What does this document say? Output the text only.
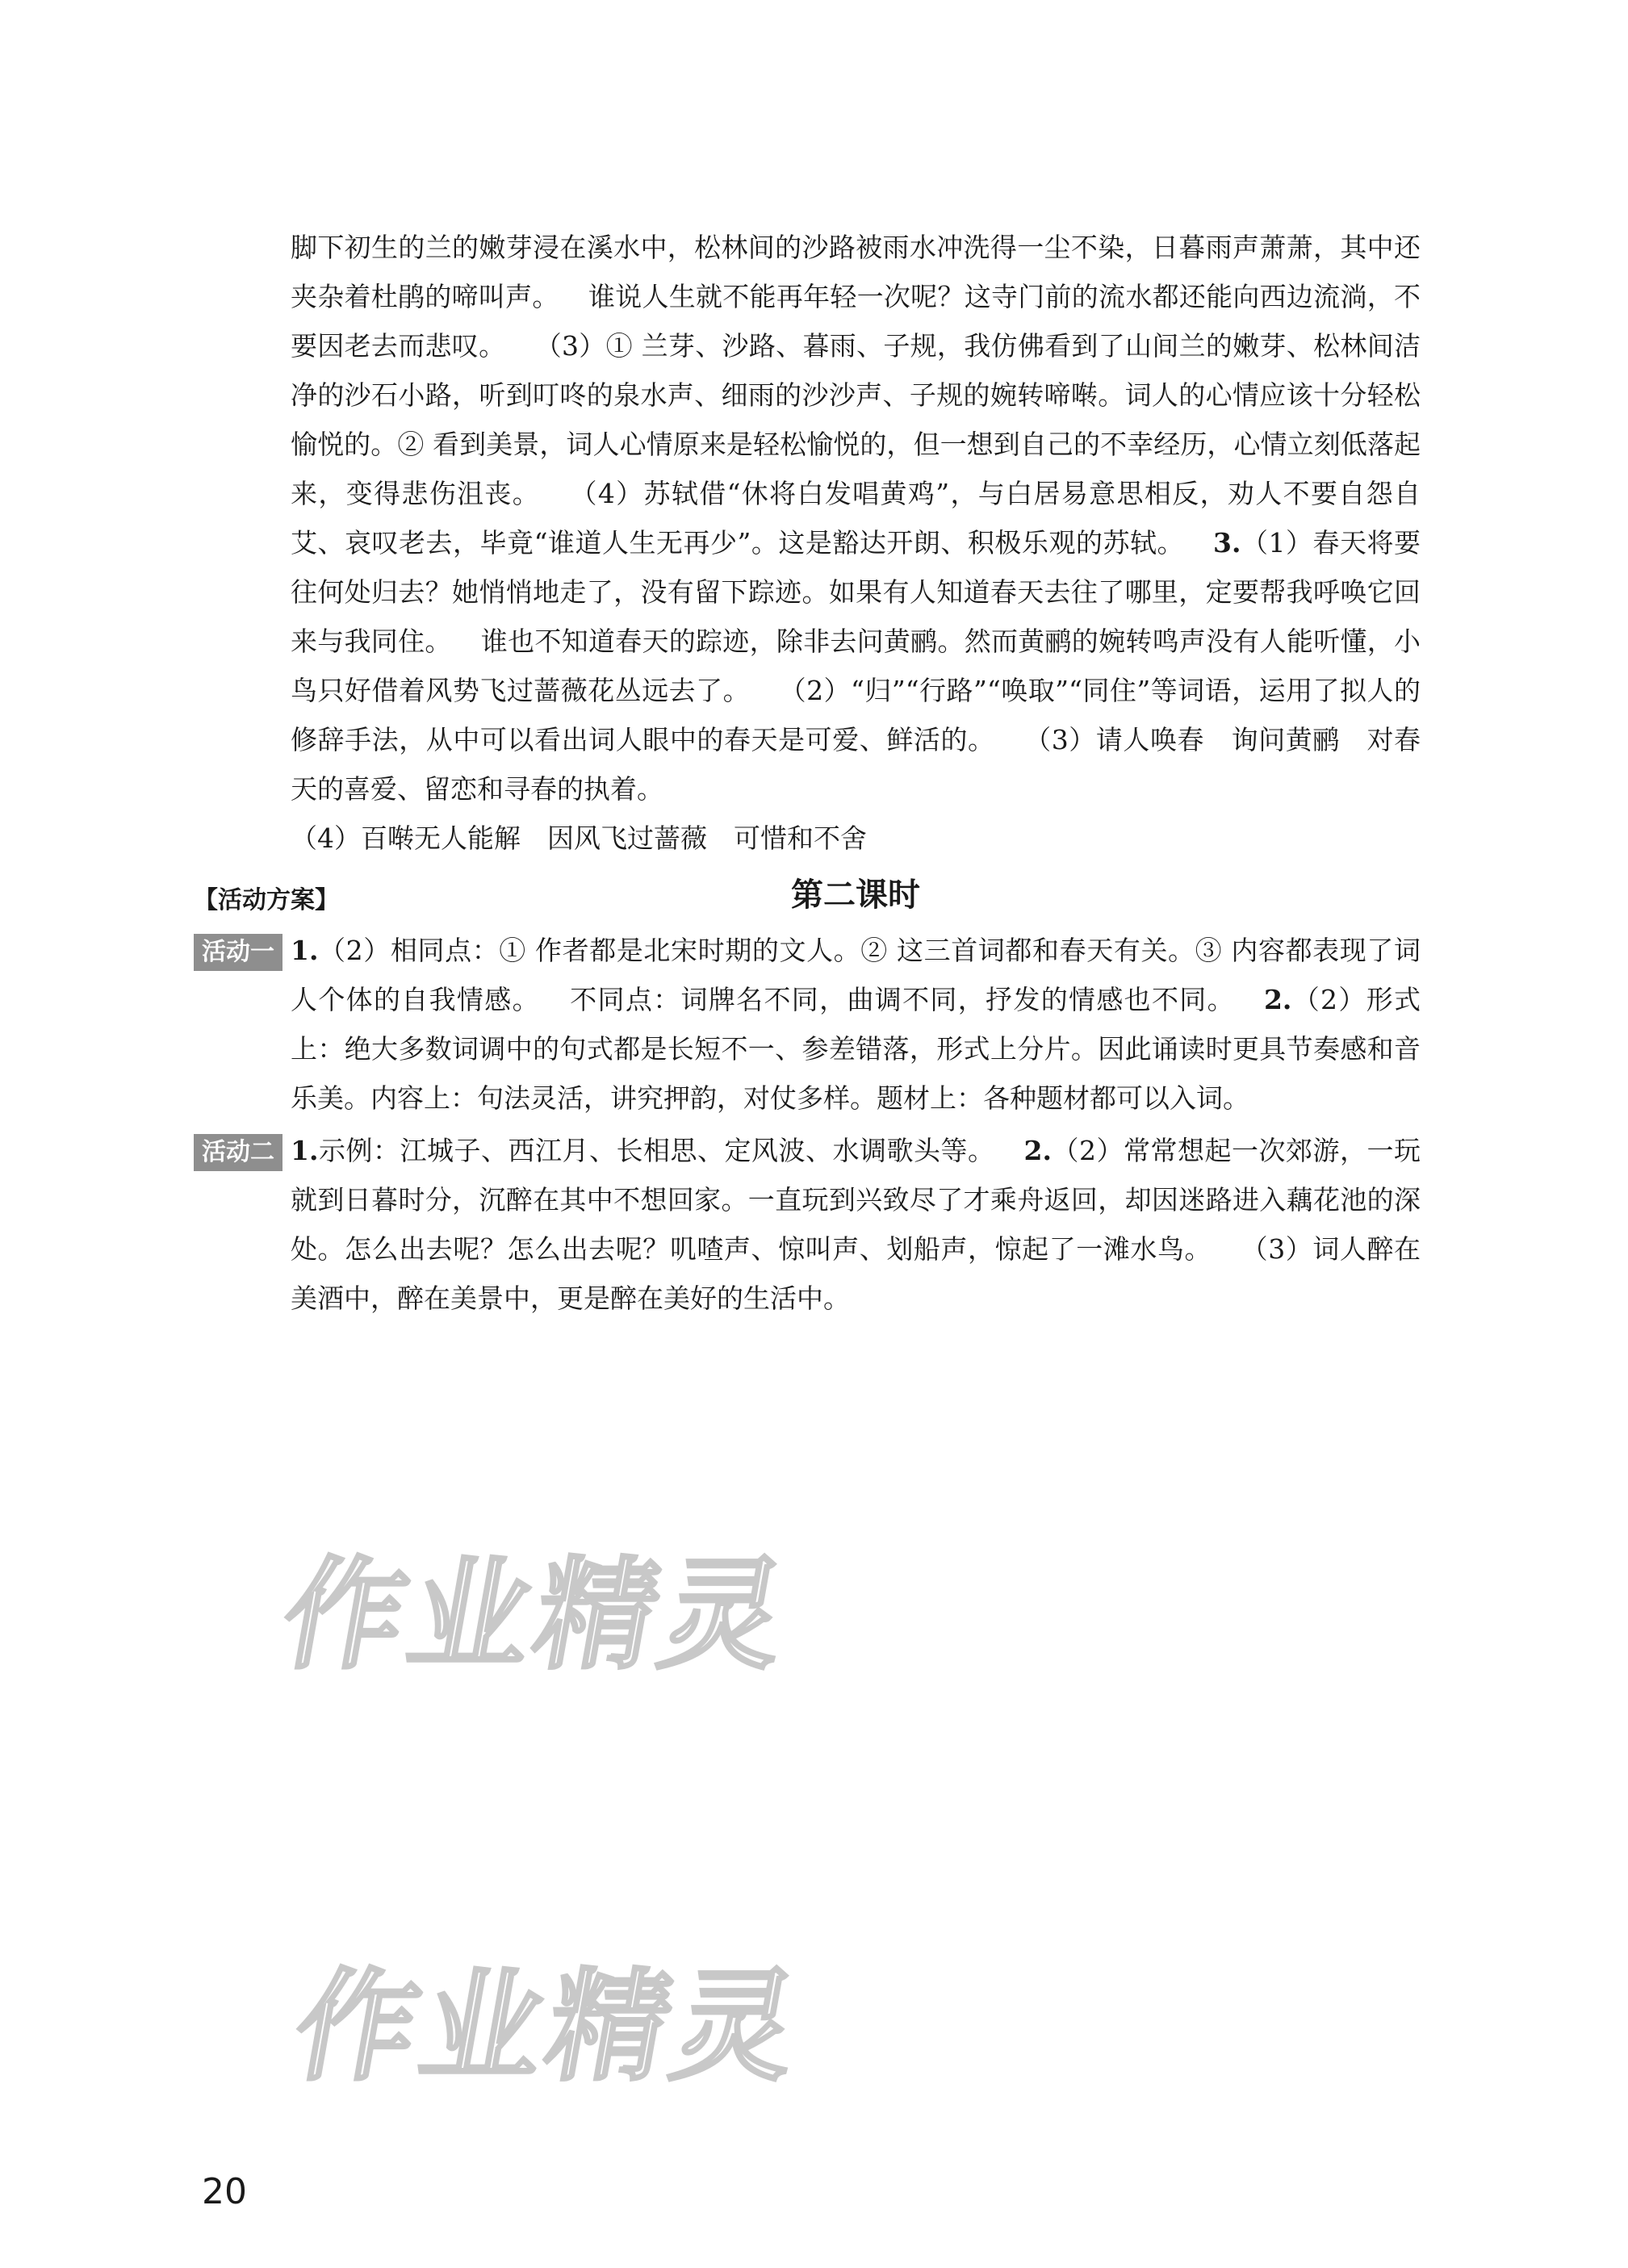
脚下初生的兰的嫩芽浸在溪水中，松林间的沙路被雨水冲洗得一尘不染，日暮雨声萧萧，其中还夹杂着杜鹃的啼叫声。 谁说人生就不能再年轻一次呢？这寺门前的流水都还能向西边流淌，不要因老去而悲叹。 （3）① 兰芽、沙路、暮雨、子规，我仿佛看到了山间兰的嫩芽、松林间洁净的沙石小路，听到叮咚的泉水声、细雨的沙沙声、子规的婉转啼啭。词人的心情应该十分轻松愉悦的。② 看到美景，词人心情原来是轻松愉悦的，但一想到自己的不幸经历，心情立刻低落起来，变得悲伤沮丧。 （4）苏轼借“休将白发唱黄鸡”，与白居易意思相反，劝人不要自怨自艾、哀叹老去，毕竟“谁道人生无再少”。这是豁达开朗、积极乐观的苏轼。 3.（1）春天将要往何处归去？她悄悄地走了，没有留下踪迹。如果有人知道春天去往了哪里，定要帮我呼唤它回来与我同住。 谁也不知道春天的踪迹，除非去问黄鹂。然而黄鹂的婉转鸣声没有人能听懂，小鸟只好借着风势飞过蔷薇花丛远去了。 （2）“归”“行路”“唤取”“同住”等词语，运用了拟人的修辞手法，从中可以看出词人眼中的春天是可爱、鲜活的。 （3）请人唤春　询问黄鹂　对春天的喜爱、留恋和寻春的执着。

（4）百啭无人能解　因风飞过蔷薇　可惜和不舍

第二课时
【活动方案】
活动一 1.（2）相同点：① 作者都是北宋时期的文人。② 这三首词都和春天有关。③ 内容都表现了词人个体的自我情感。 不同点：词牌名不同，曲调不同，抒发的情感也不同。 2.（2）形式上：绝大多数词调中的句式都是长短不一、参差错落，形式上分片。因此诵读时更具节奏感和音乐美。内容上：句法灵活，讲究押韵，对仗多样。题材上：各种题材都可以入词。

活动二 1.示例：江城子、西江月、长相思、定风波、水调歌头等。 2.（2）常常想起一次郊游，一玩就到日暮时分，沉醉在其中不想回家。一直玩到兴致尽了才乘舟返回，却因迷路进入藕花池的深处。怎么出去呢？怎么出去呢？叽喳声、惊叫声、划船声，惊起了一滩水鸟。 （3）词人醉在美酒中，醉在美景中，更是醉在美好的生活中。

作业精灵
作业精灵
20
